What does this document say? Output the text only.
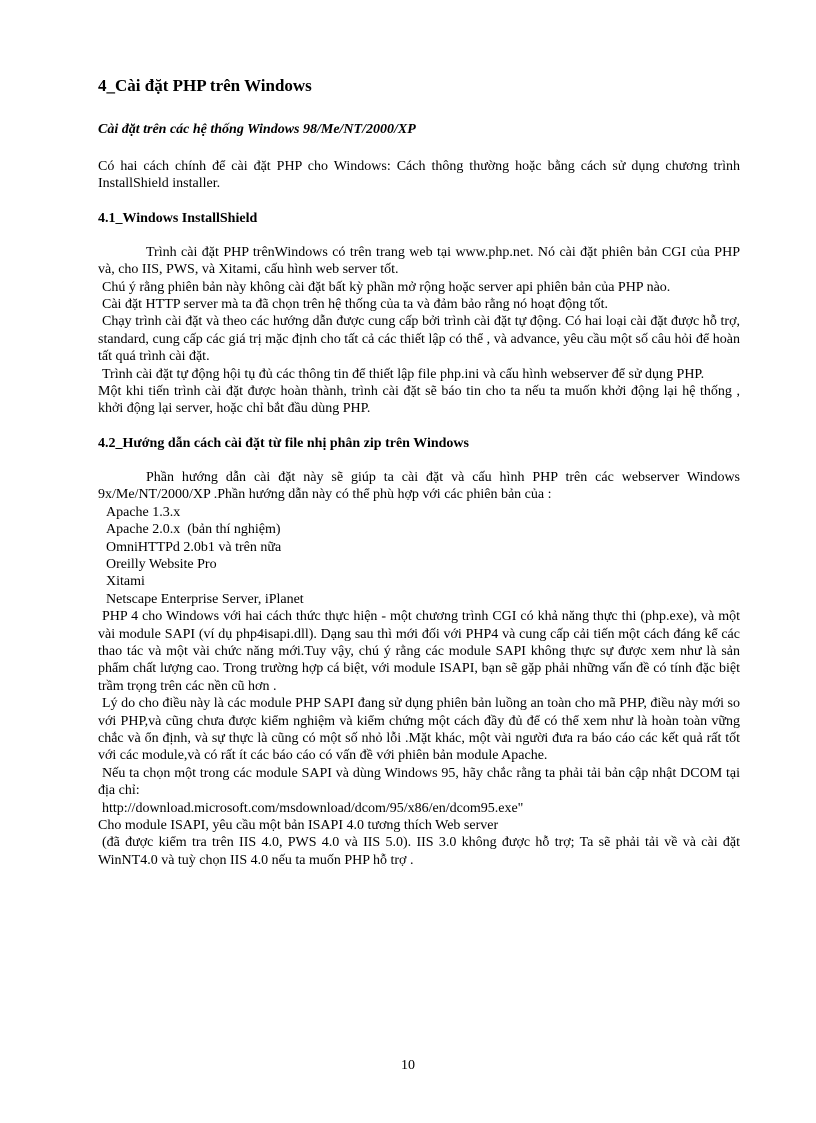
4_Cài đặt PHP trên Windows
Cài đặt trên các hệ thống Windows 98/Me/NT/2000/XP

Có hai cách chính để cài đặt PHP cho Windows: Cách thông thường hoặc bằng cách sử dụng chương trình InstallShield installer.

4.1_Windows InstallShield

Trình cài đặt PHP trênWindows có trên trang web tại www.php.net. Nó cài đặt phiên bản CGI của PHP và, cho IIS, PWS, và Xitami, cấu hình web server tốt.

Chú ý rằng phiên bản này không cài đặt bất kỳ phần mở rộng hoặc server api phiên bản của PHP nào.

Cài đặt HTTP server mà ta đã chọn trên hệ thống của ta và đảm bảo rằng nó hoạt động tốt.

Chạy trình cài đặt và theo các hướng dẫn được cung cấp bởi trình cài đặt tự động. Có hai loại cài đặt được hỗ trợ, standard, cung cấp các giá trị mặc định cho tất cả các thiết lập có thể , và advance, yêu cầu một số câu hỏi để hoàn tất quá trình cài đặt.

Trình cài đặt tự động hội tụ đủ các thông tin để thiết lập file php.ini và cấu hình webserver để sử dụng PHP.

Một khi tiến trình cài đặt được hoàn thành, trình cài đặt sẽ báo tin cho ta nếu ta muốn khởi động lại hệ thống , khởi động lại server, hoặc chỉ bắt đầu dùng PHP.

4.2_Hướng dẫn cách cài đặt từ file nhị phân zip trên Windows

Phần hướng dẫn cài đặt này sẽ giúp ta cài đặt và cấu hình PHP trên các webserver Windows 9x/Me/NT/2000/XP .Phần hướng dẫn này có thể phù hợp với các phiên bản của :

Apache 1.3.x

Apache 2.0.x  (bản thí nghiệm)

OmniHTTPd 2.0b1 và trên nữa

Oreilly Website Pro

Xitami

Netscape Enterprise Server, iPlanet

PHP 4 cho Windows với hai cách thức thực hiện - một chương trình CGI có khả năng thực thi (php.exe), và một vài module SAPI (ví dụ php4isapi.dll). Dạng sau thì mới đối với PHP4 và cung cấp cải tiến một cách đáng kể các thao tác và một vài chức năng mới.Tuy vậy, chú ý rằng các module SAPI không thực sự được xem như là sản phẩm chất lượng cao. Trong trường hợp cá biệt, với module ISAPI, bạn sẽ gặp phải những vấn đề có tính đặc biệt trầm trọng trên các nền cũ hơn .

Lý do cho điều này là các module PHP SAPI đang sử dụng phiên bản luồng an toàn cho mã PHP, điều này mới so với PHP,và cũng chưa được kiểm nghiệm và kiểm chứng một cách đầy đủ để có thể xem như là hoàn toàn vững chắc và ổn định, và sự thực là cũng có một số nhỏ lỗi .Mặt khác, một vài người đưa ra báo cáo các kết quả rất tốt với các module,và có rất ít các báo cáo có vấn đề với phiên bản module Apache.

Nếu ta chọn một trong các module SAPI và dùng Windows 95, hãy chắc rằng ta phải tải bản cập nhật DCOM tại địa chỉ:

http://download.microsoft.com/msdownload/dcom/95/x86/en/dcom95.exe"

Cho module ISAPI, yêu cầu một bản ISAPI 4.0 tương thích Web server

(đã được kiểm tra trên IIS 4.0, PWS 4.0 và IIS 5.0). IIS 3.0 không được hỗ trợ; Ta sẽ phải tải về và cài đặt WinNT4.0 và tuỳ chọn IIS 4.0 nếu ta muốn PHP hỗ trợ .

10
